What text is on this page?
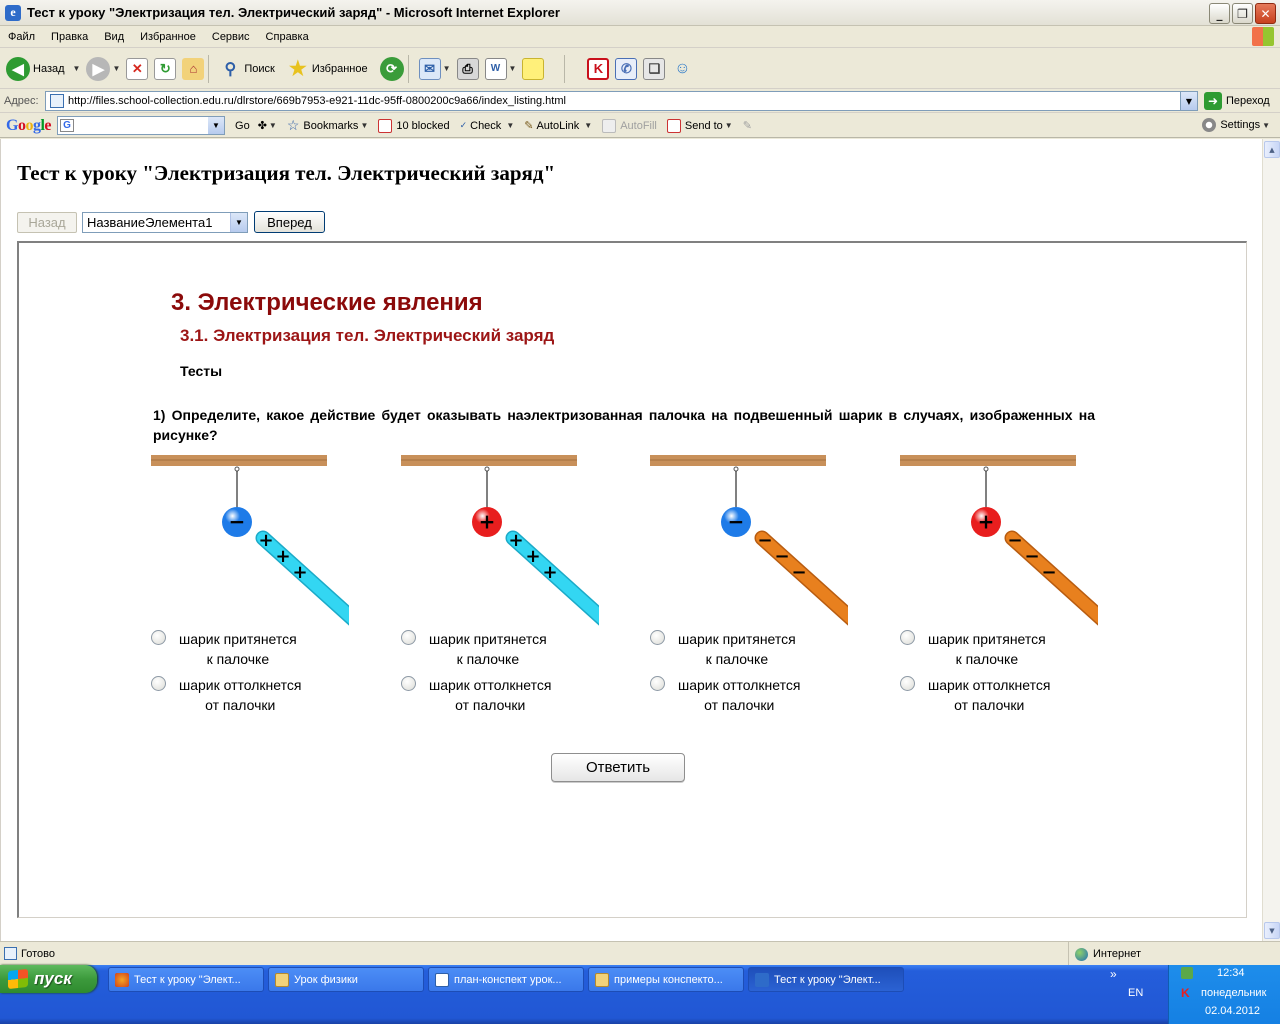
e Тест к уроку "Электризация тел. Электрический заряд" - Microsoft Internet Explorer	_	❐	✕
Файл	Правка	Вид	Избранное	Сервис	Справка
◀ Назад ▼ ▶	▼ ✕	↻	⌂	⚲ Поиск ★ Избранное	⟳	✉ ▼ ⎙	W	▼	K	✆	❏ ☺
Адрес:	http://files.school-collection.edu.ru/dlrstore/669b7953-e921-11dc-95ff-0800200c9a66/index_listing.html	▼	➜ Переход
Google	G	▼	Go ✤ ▼ ☆ Bookmarks ▼	10 blocked ✓ Check ▼ ✎ AutoLink ▼	AutoFill	Send to ▼ ✎	Settings ▼
Тест к уроку "Электризация тел. Электрический заряд"
Назад	НазваниеЭлемента1	▼	Вперед
3. Электрические явления
3.1. Электризация тел. Электрический заряд
Тесты
1) Определите, какое действие будет оказывать наэлектризованная палочка на подвешенный шарик в случаях, изображенных на рисунке?
+
+
+
−
+
+
+
+
−
−
−
−
−
−
−
+
шарик притянется
к палочке
шарик оттолкнется
от палочки
шарик притянется
к палочке
шарик оттолкнется
от палочки
шарик притянется
к палочке
шарик оттолкнется
от палочки
шарик притянется
к палочке
шарик оттолкнется
от палочки
Ответить
▲
▼
Готово	Интернет
пуск	Тест к уроку "Элект...	Урок физики	план-конспект урок...	примеры конспекто...	Тест к уроку "Элект...	»
EN
12:34
K	понедельник
02.04.2012
